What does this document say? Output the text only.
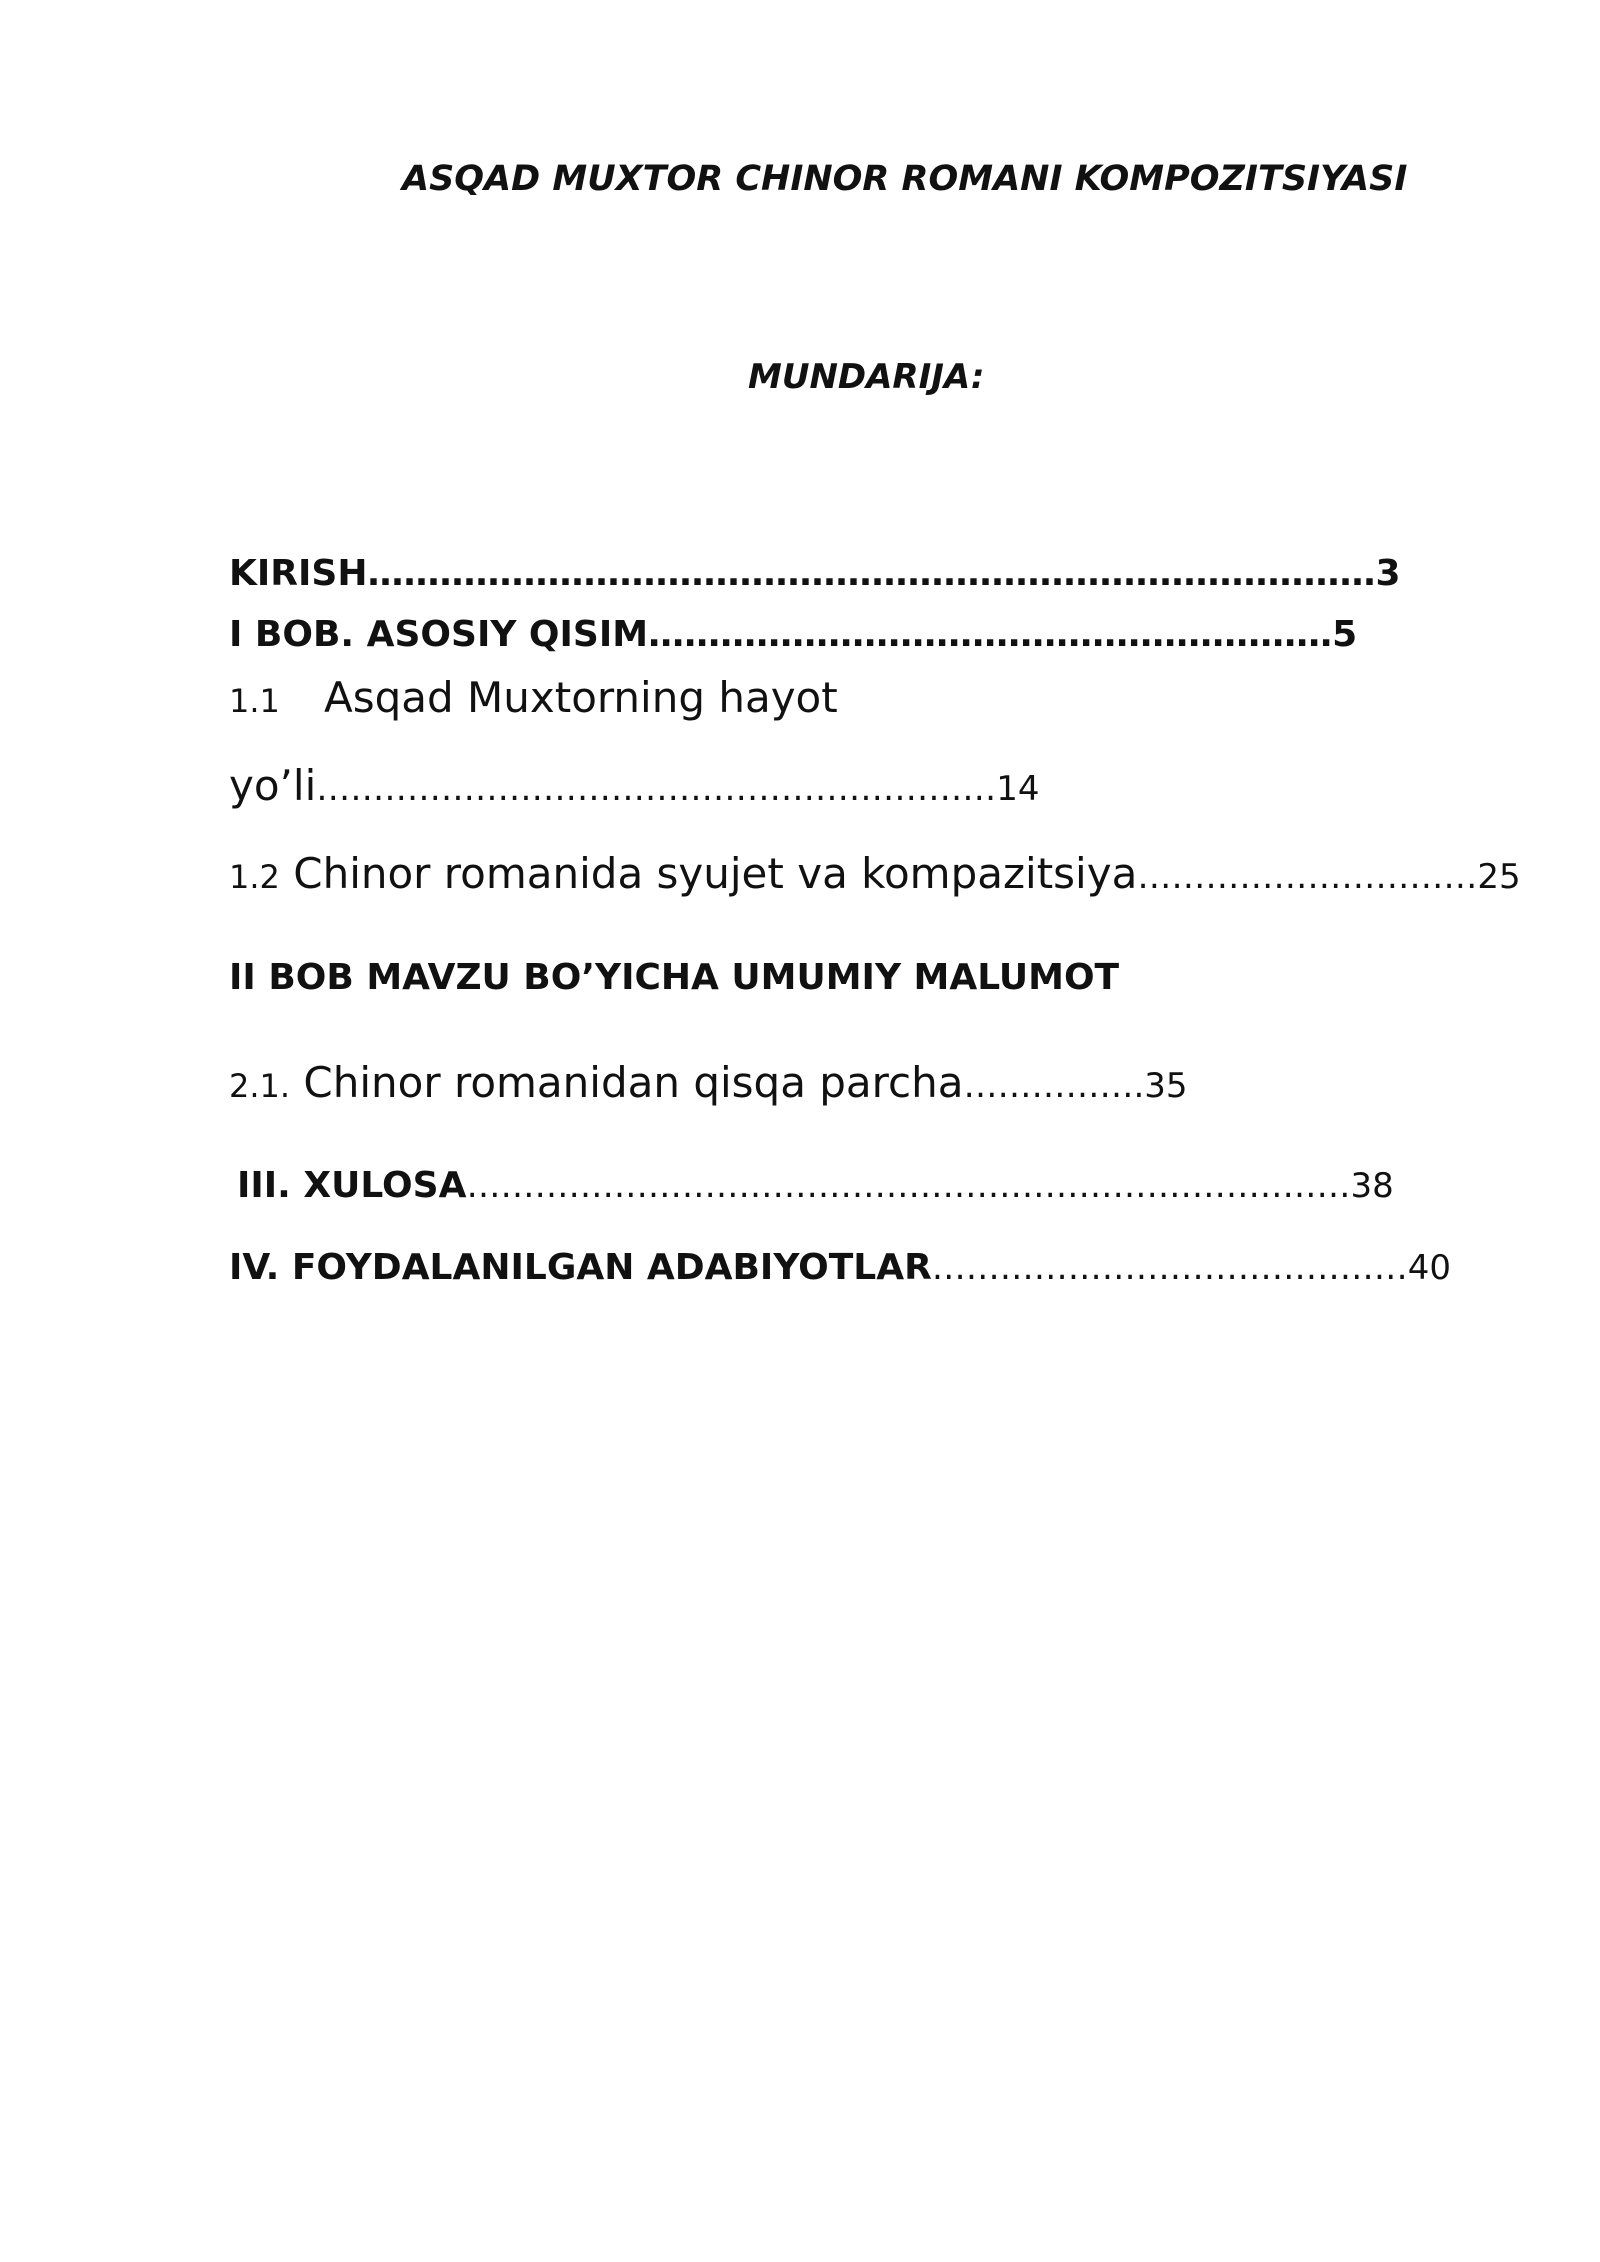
ASQAD MUXTOR CHINOR ROMANI KOMPOZITSIYASI
MUNDARIJA:
KIRISH…………………………………………………………………………3
I BOB. ASOSIY QISIM…………………………………………………5
1.1 Asqad Muxtorning hayot
yo’li……………………………………………………14
1.2 Chinor romanida syujet va kompazitsiya…………………………25
II BOB MAVZU BO’YICHA UMUMIY MALUMOT
2.1. Chinor romanidan qisqa parcha…………….35
III. XULOSA……………………………………………………………………38
IV. FOYDALANILGAN ADABIYOTLAR……………………………………40
